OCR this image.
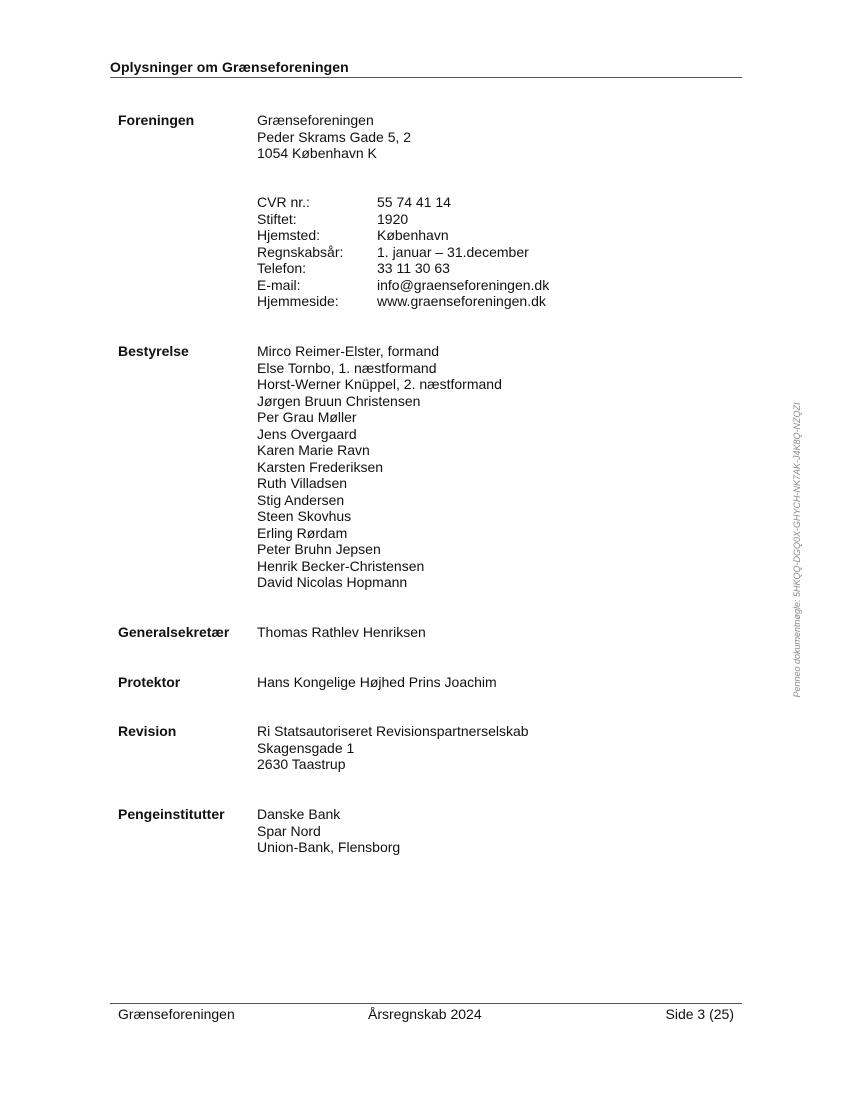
Oplysninger om Grænseforeningen
Foreningen	Grænseforeningen
Peder Skrams Gade 5, 2
1054 København K
CVR nr.:	55 74 41 14
Stiftet:	1920
Hjemsted:	København
Regnskabsår: 1. januar – 31.december
Telefon:	33 11 30 63
E-mail:	info@graenseforeningen.dk
Hjemmeside:	www.graenseforeningen.dk
Bestyrelse	Mirco Reimer-Elster, formand
Else Tornbo, 1. næstformand
Horst-Werner Knüppel, 2. næstformand
Jørgen Bruun Christensen
Per Grau Møller
Jens Overgaard
Karen Marie Ravn
Karsten Frederiksen
Ruth Villadsen
Stig Andersen
Steen Skovhus
Erling Rørdam
Peter Bruhn Jepsen
Henrik Becker-Christensen
David Nicolas Hopmann
Generalsekretær Thomas Rathlev Henriksen
Protektor	Hans Kongelige Højhed Prins Joachim
Revision	Ri Statsautoriseret Revisionspartnerselskab
Skagensgade 1
2630 Taastrup
Pengeinstitutter Danske Bank
Spar Nord
Union-Bank, Flensborg
Penneo dokumentnøgle: 5HKQQ-DGQ0X-GHYCH-NK7AK-J4K8Q-NZQZI
Grænseforeningen	Årsregnskab 2024	Side 3 (25)
